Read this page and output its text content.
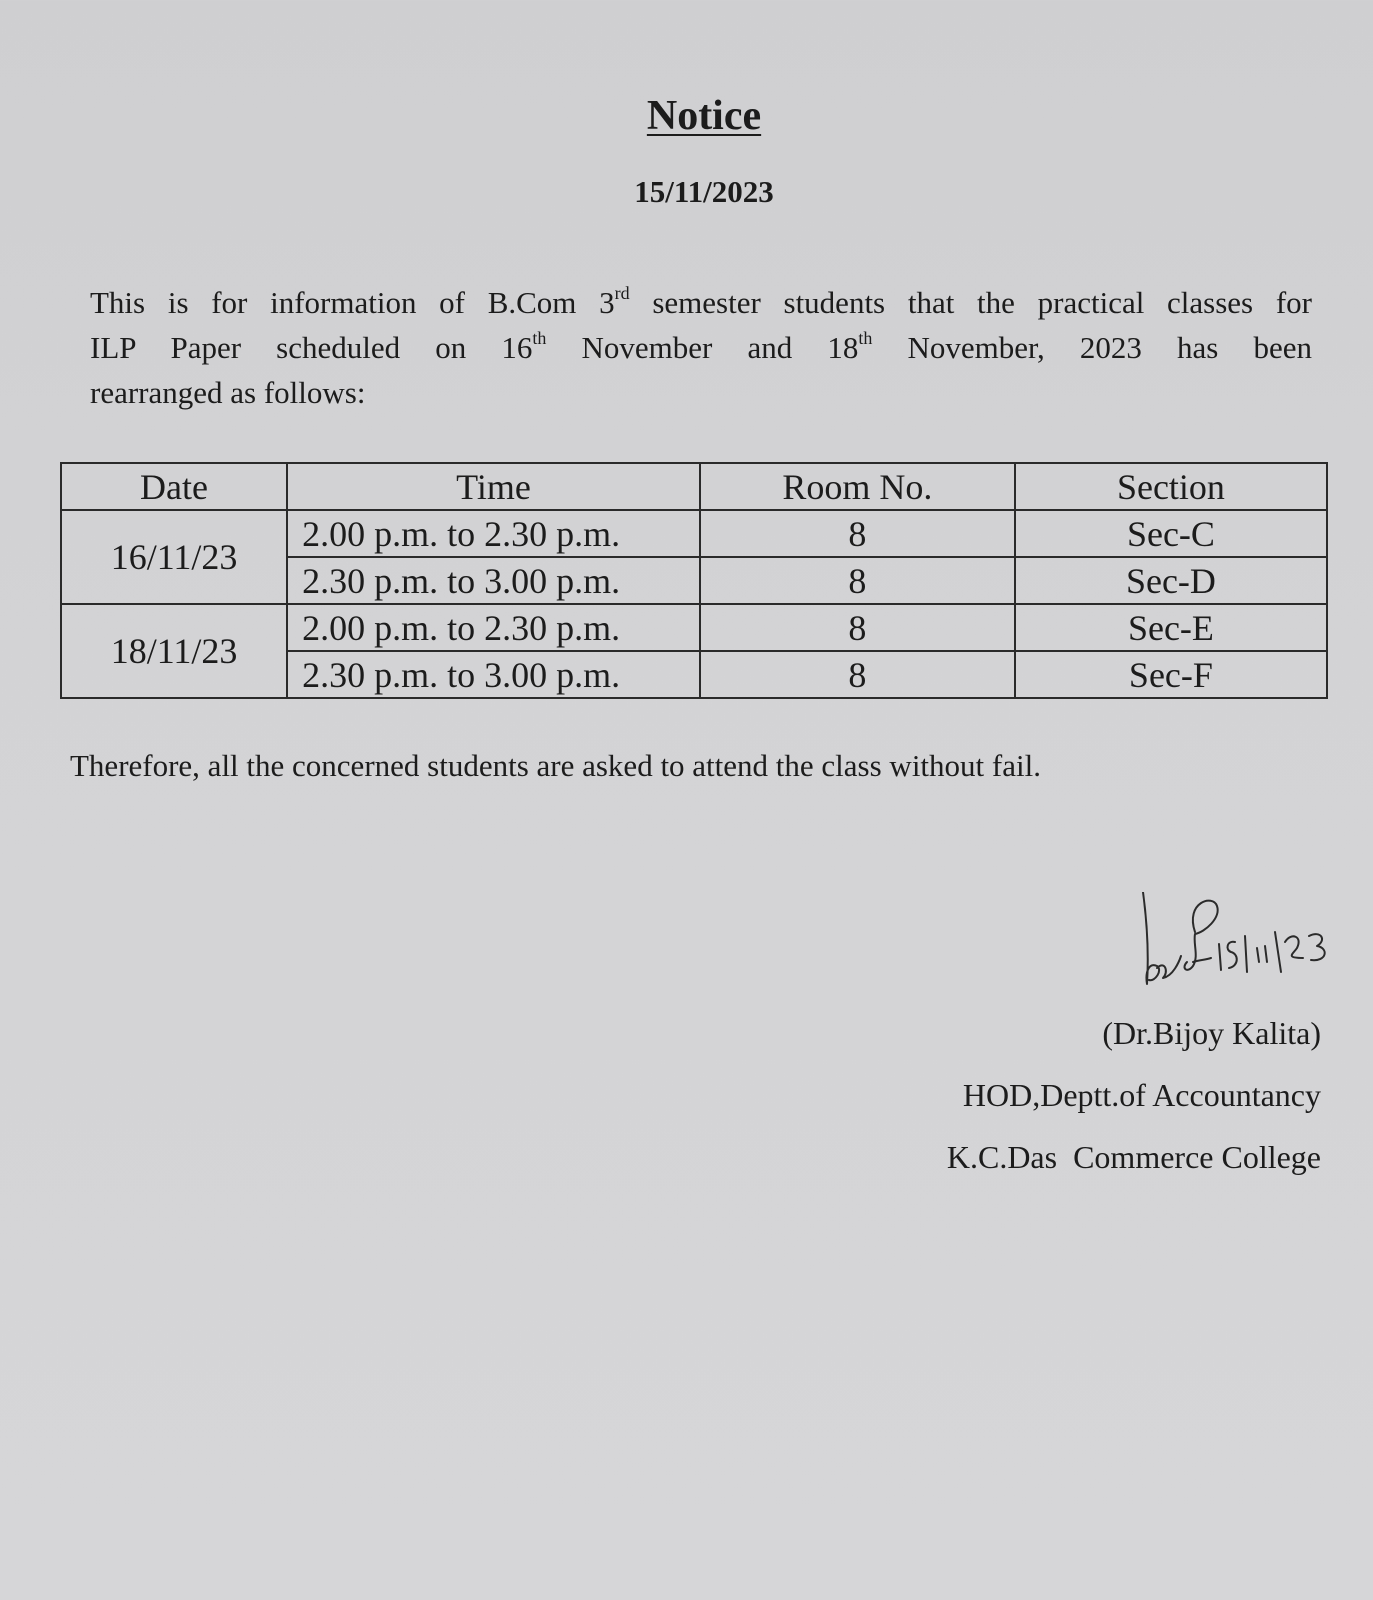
Notice

15/11/2023

This is for information of B.Com 3rd semester students that the practical classes for
ILP Paper scheduled on 16th November and 18th November, 2023 has been
rearranged as follows:

Date	Time	Room No.	Section
16/11/23	2.00 p.m. to 2.30 p.m.	8	Sec-C
	2.30 p.m. to 3.00 p.m.	8	Sec-D
18/11/23	2.00 p.m. to 2.30 p.m.	8	Sec-E
	2.30 p.m. to 3.00 p.m.	8	Sec-F

Therefore, all the concerned students are asked to attend the class without fail.

(Dr.Bijoy Kalita)
HOD,Deptt.of Accountancy
K.C.Das  Commerce College
